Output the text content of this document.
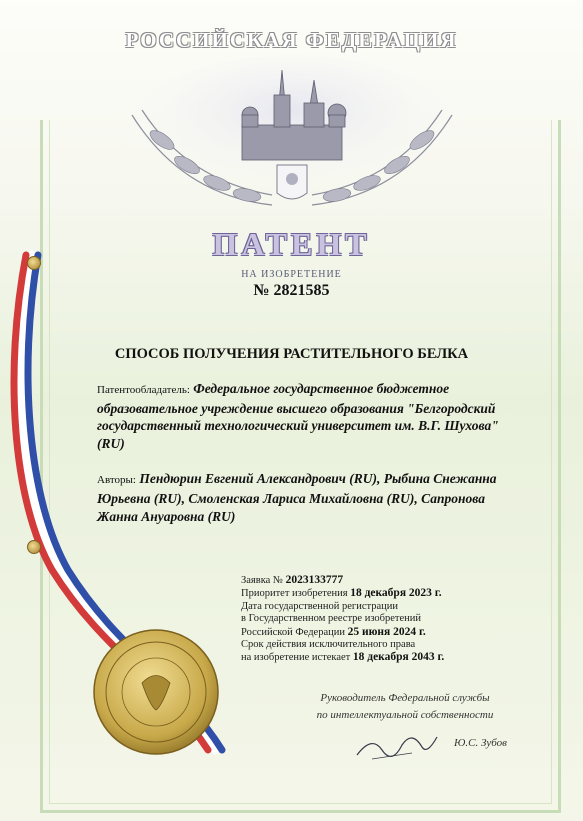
РОССИЙСКАЯ ФЕДЕРАЦИЯ
ПАТЕНТ
НА ИЗОБРЕТЕНИЕ
№ 2821585
СПОСОБ ПОЛУЧЕНИЯ РАСТИТЕЛЬНОГО БЕЛКА
Патентообладатель: Федеральное государственное бюджетное образовательное учреждение высшего образования "Белгородский государственный технологический университет им. В.Г. Шухова" (RU)
Авторы: Пендюрин Евгений Александрович (RU), Рыбина Снежанна Юрьевна (RU), Смоленская Лариса Михайловна (RU), Сапронова Жанна Ануаровна (RU)
Заявка № 2023133777
Приоритет изобретения 18 декабря 2023 г.
Дата государственной регистрации
в Государственном реестре изобретений
Российской Федерации 25 июня 2024 г.
Срок действия исключительного права
на изобретение истекает 18 декабря 2043 г.
Руководитель Федеральной службы
по интеллектуальной собственности
Ю.С. Зубов
